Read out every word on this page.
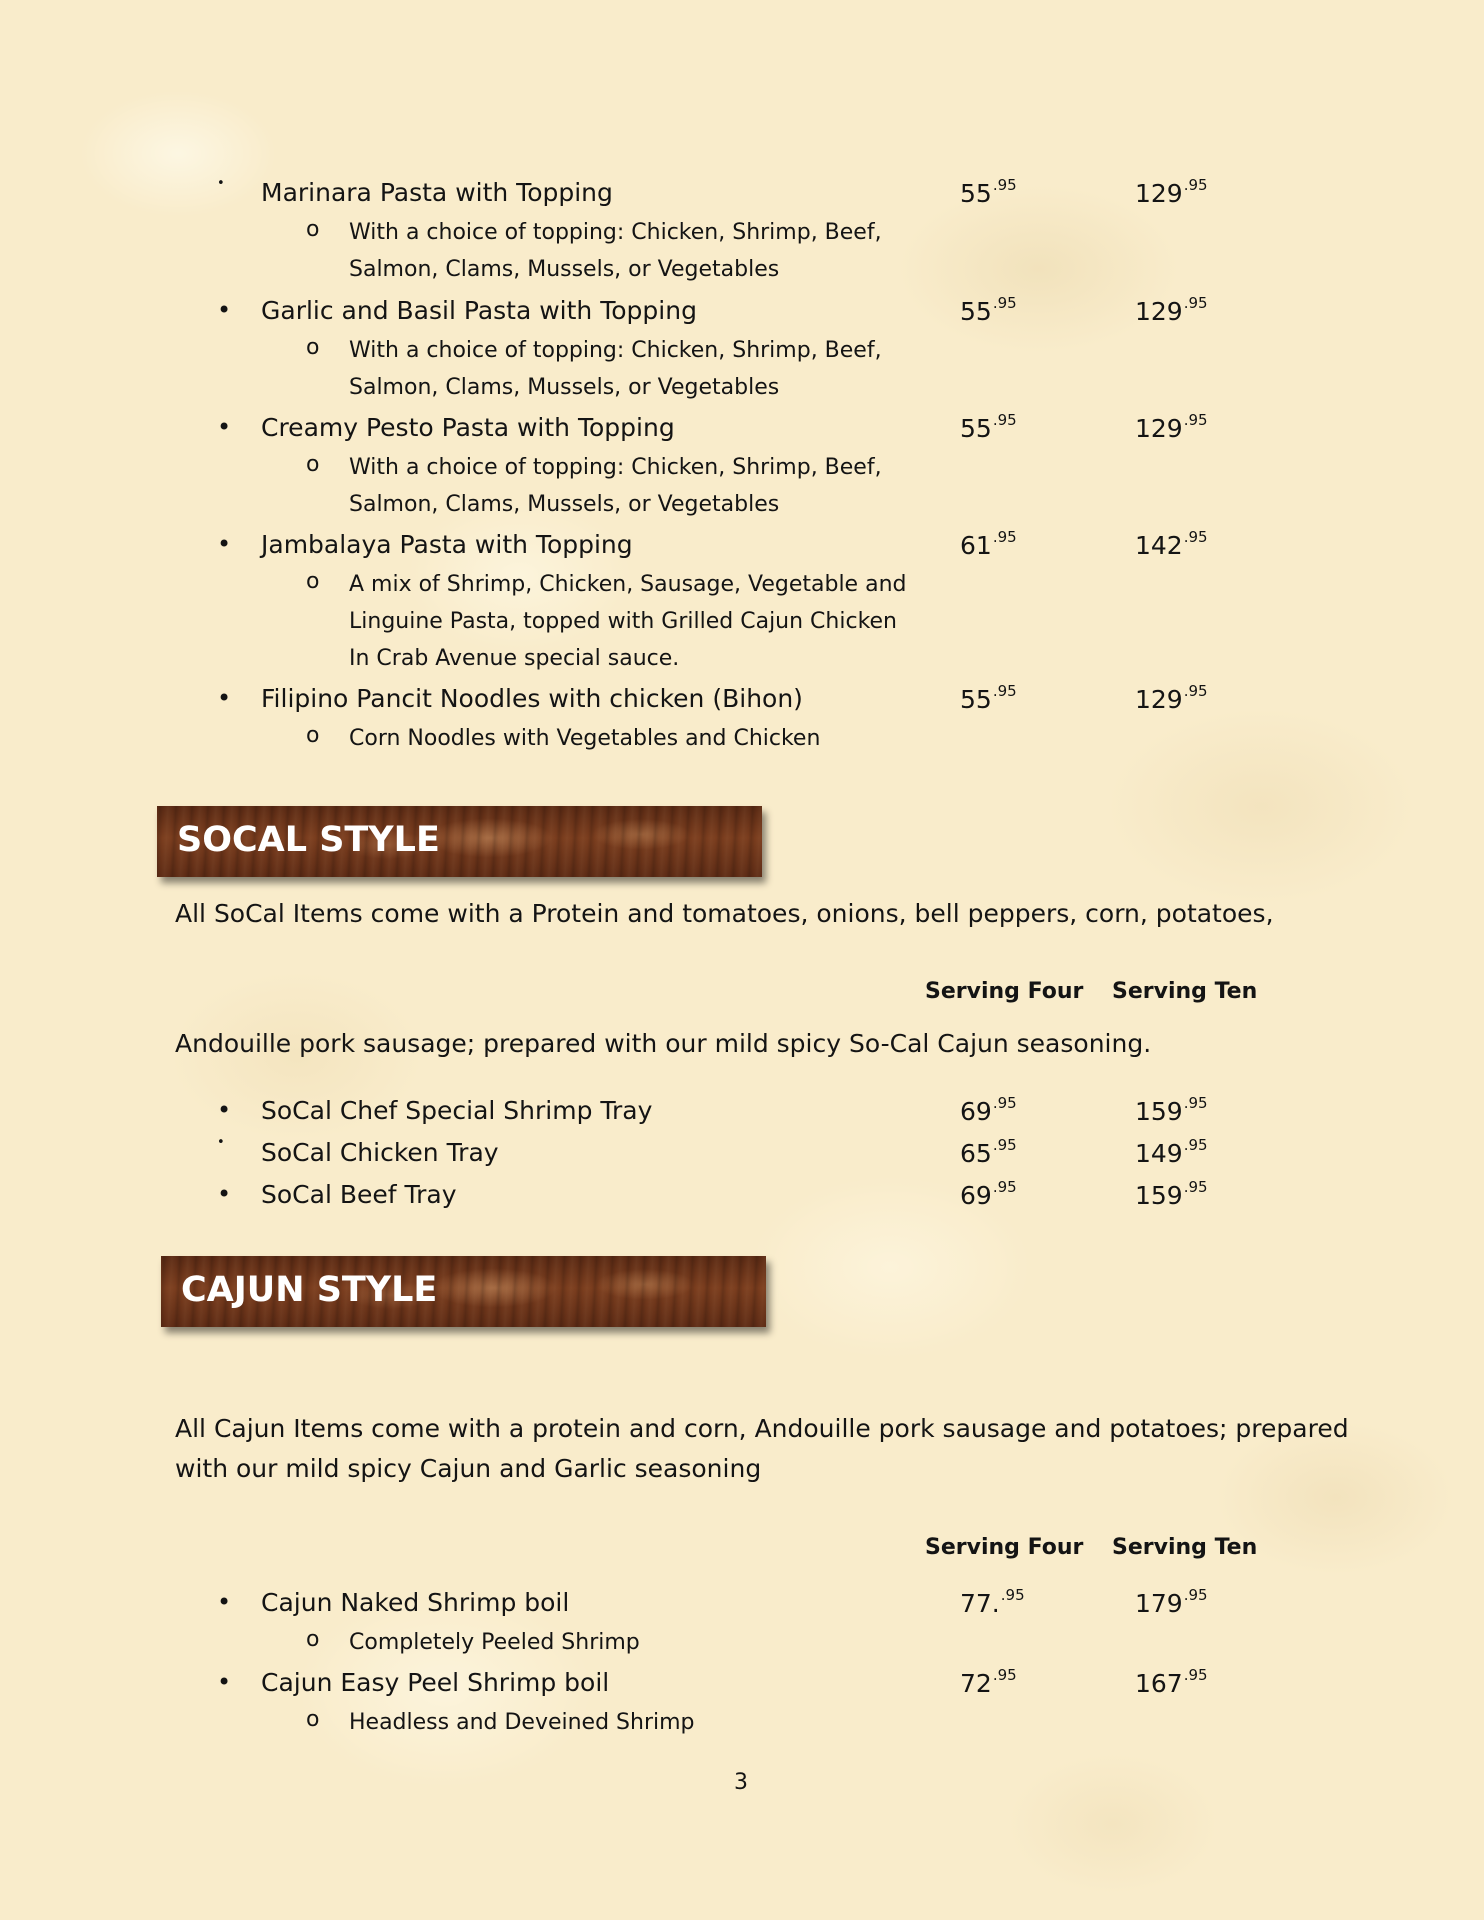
• Marinara Pasta with Topping	$55^{.95}$	$129^{.95}$
o With a choice of topping: Chicken, Shrimp, Beef,
Salmon, Clams, Mussels, or Vegetables
• Garlic and Basil Pasta with Topping	$55^{.95}$	$129^{.95}$
o With a choice of topping: Chicken, Shrimp, Beef,
Salmon, Clams, Mussels, or Vegetables
• Creamy Pesto Pasta with Topping	$55^{.95}$	$129^{.95}$
o With a choice of topping: Chicken, Shrimp, Beef,
Salmon, Clams, Mussels, or Vegetables
• Jambalaya Pasta with Topping	$61^{.95}$	$142^{.95}$
o A mix of Shrimp, Chicken, Sausage, Vegetable and
Linguine Pasta, topped with Grilled Cajun Chicken
In Crab Avenue special sauce.
• Filipino Pancit Noodles with chicken (Bihon)	$55^{.95}$	$129^{.95}$
o Corn Noodles with Vegetables and Chicken
SOCAL STYLE
All SoCal Items come with a Protein and tomatoes, onions, bell peppers, corn, potatoes,
Serving Four Serving Ten
Andouille pork sausage; prepared with our mild spicy So-Cal Cajun seasoning.
• SoCal Chef Special Shrimp Tray	$69^{.95}$	$159^{.95}$
• SoCal Chicken Tray	$65^{.95}$	$149^{.95}$
• SoCal Beef Tray	$69^{.95}$	$159^{.95}$
CAJUN STYLE
All Cajun Items come with a protein and corn, Andouille pork sausage and potatoes; prepared
with our mild spicy Cajun and Garlic seasoning
Serving Four Serving Ten
• Cajun Naked Shrimp boil	77.$^{.95}$	$179^{.95}$
o Completely Peeled Shrimp
• Cajun Easy Peel Shrimp boil	$72^{.95}$	$167^{.95}$
o Headless and Deveined Shrimp
3
